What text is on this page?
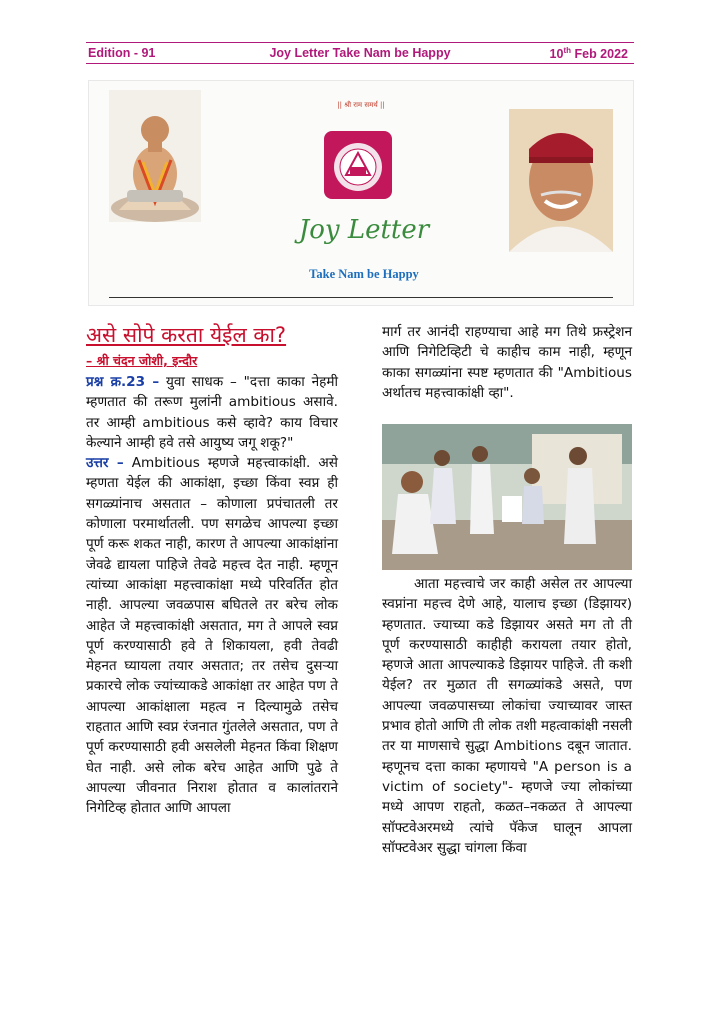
Edition - 91	Joy Letter Take Nam be Happy	10th Feb 2022
|| श्री राम समर्थ ||
Joy Letter
Take Nam be Happy
असे सोपे करता येईल का?
– श्री चंदन जोशी, इन्दौर

प्रश्न क्र.23 – युवा साधक – "दत्ता काका नेहमी म्हणतात की तरूण मुलांनी ambitious असावे. तर आम्ही ambitious कसे व्हावे? काय विचार केल्याने आम्ही हवे तसे आयुष्य जगू शकू?"

उत्तर – Ambitious म्हणजे महत्त्वाकांक्षी. असे म्हणता येईल की आकांक्षा, इच्छा किंवा स्वप्न ही सगळ्यांनाच असतात – कोणाला प्रपंचातली तर कोणाला परमार्थातली. पण सगळेच आपल्या इच्छा पूर्ण करू शकत नाही, कारण ते आपल्या आकांक्षांना जेवढे द्यायला पाहिजे तेवढे महत्त्व देत नाही. म्हणून त्यांच्या आकांक्षा महत्त्वाकांक्षा मध्ये परिवर्तित होत नाही. आपल्या जवळपास बघितले तर बरेच लोक आहेत जे महत्त्वाकांक्षी असतात, मग ते आपले स्वप्न पूर्ण करण्यासाठी हवे ते शिकायला, हवी तेवढी मेहनत घ्यायला तयार असतात; तर तसेच दुसऱ्या प्रकारचे लोक ज्यांच्याकडे आकांक्षा तर आहेत पण ते आपल्या आकांक्षाला महत्व न दिल्यामुळे तसेच राहतात आणि स्वप्न रंजनात गुंतलेले असतात, पण ते पूर्ण करण्यासाठी हवी असलेली मेहनत किंवा शिक्षण घेत नाही. असे लोक बरेच आहेत आणि पुढे ते आपल्या जीवनात निराश होतात व कालांतराने निगेटिव्ह होतात आणि आपला

मार्ग तर आनंदी राहण्याचा आहे मग तिथे फ्रस्ट्रेशन आणि निगेटिव्हिटी चे काहीच काम नाही, म्हणून काका सगळ्यांना स्पष्ट म्हणतात की "Ambitious अर्थातच महत्त्वाकांक्षी व्हा".

आता महत्त्वाचे जर काही असेल तर आपल्या स्वप्नांना महत्त्व देणे आहे, यालाच इच्छा (डिझायर) म्हणतात. ज्याच्या कडे डिझायर असते मग तो ती पूर्ण करण्यासाठी काहीही करायला तयार होतो, म्हणजे आता आपल्याकडे डिझायर पाहिजे. ती कशी येईल? तर मुळात ती सगळ्यांकडे असते, पण आपल्या जवळपासच्या लोकांचा ज्याच्यावर जास्त प्रभाव होतो आणि ती लोक तशी महत्वाकांक्षी नसली तर या माणसाचे सुद्धा Ambitions दबून जातात. म्हणूनच दत्ता काका म्हणायचे "A person is a victim of society"- म्हणजे ज्या लोकांच्या मध्ये आपण राहतो, कळत–नकळत ते आपल्या सॉफ्टवेअरमध्ये त्यांचे पॅकेज घालून आपला सॉफ्टवेअर सुद्धा चांगला किंवा
